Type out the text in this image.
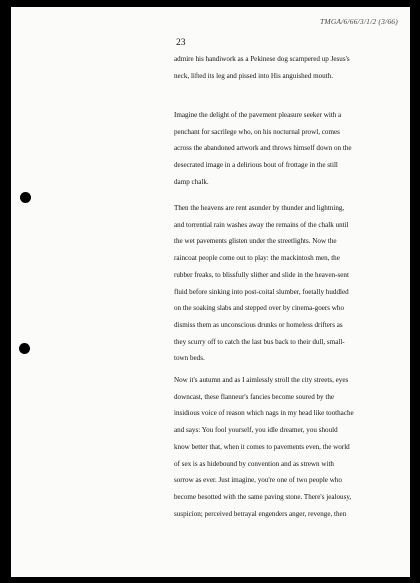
TMGA/6/66/3/1/2 (3/66)
23

admire his handiwork as a Pekinese dog scampered up Jesus's
neck, lifted its leg and pissed into His anguished mouth.

Imagine the delight of the pavement pleasure seeker with a
penchant for sacrilege who, on his nocturnal prowl, comes
across the abandoned artwork and throws himself down on the
desecrated image in a delirious bout of frottage in the still
damp chalk.

Then the heavens are rent asunder by thunder and lightning,
and torrential rain washes away the remains of the chalk until
the wet pavements glisten under the streetlights. Now the
raincoat people come out to play: the mackintosh men, the
rubber freaks, to blissfully slither and slide in the heaven-sent
fluid before sinking into post-coital slumber, foetally huddled
on the soaking slabs and stepped over by cinema-goers who
dismiss them as unconscious drunks or homeless drifters as
they scurry off to catch the last bus back to their dull, small-
town beds.

Now it's autumn and as I aimlessly stroll the city streets, eyes
downcast, these flanneur's fancies become soured by the
insidious voice of reason which nags in my head like toothache
and says: You fool yourself, you idle dreamer, you should
know better that, when it comes to pavements even, the world
of sex is as hidebound by convention and as strewn with
sorrow as ever. Just imagine, you're one of two people who
become besotted with the same paving stone. There's jealousy,
suspicion; perceived betrayal engenders anger, revenge, then
